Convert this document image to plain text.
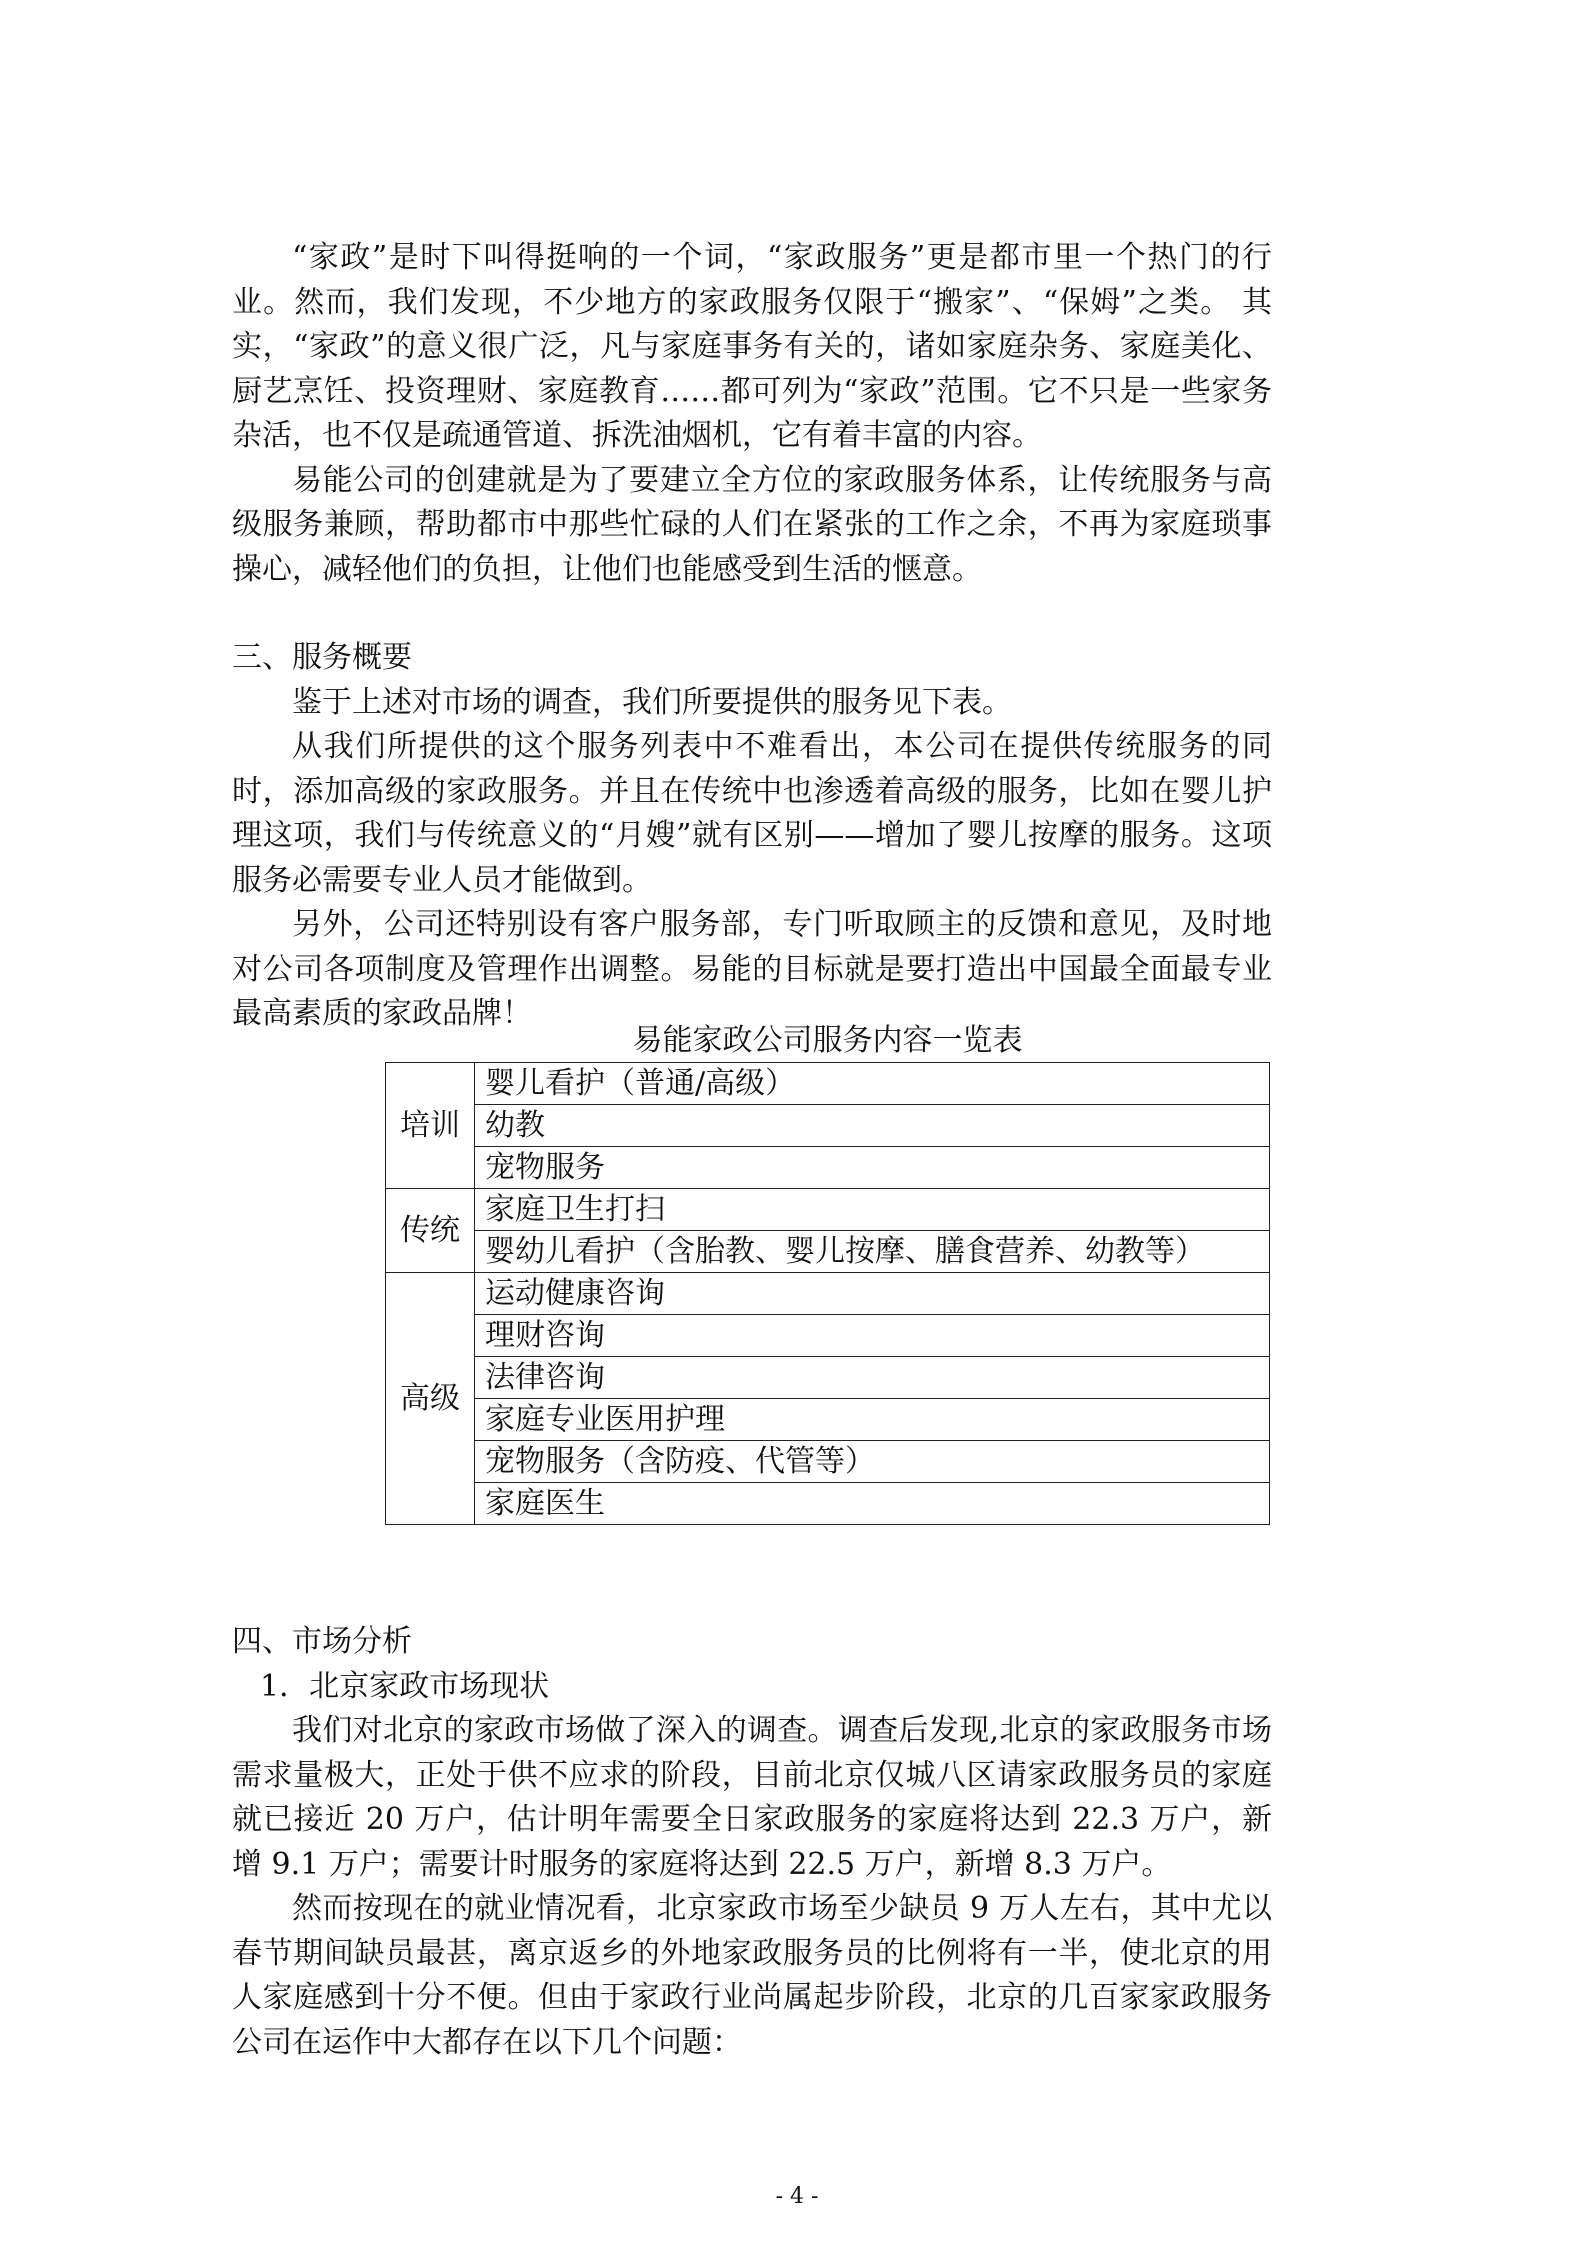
“家政”是时下叫得挺响的一个词，“家政服务”更是都市里一个热门的行业。然而，我们发现，不少地方的家政服务仅限于“搬家”、“保姆”之类。 其实，“家政”的意义很广泛，凡与家庭事务有关的，诸如家庭杂务、家庭美化、厨艺烹饪、投资理财、家庭教育……都可列为“家政”范围。它不只是一些家务杂活，也不仅是疏通管道、拆洗油烟机，它有着丰富的内容。

易能公司的创建就是为了要建立全方位的家政服务体系，让传统服务与高级服务兼顾，帮助都市中那些忙碌的人们在紧张的工作之余，不再为家庭琐事操心，减轻他们的负担，让他们也能感受到生活的惬意。

三、服务概要

鉴于上述对市场的调查，我们所要提供的服务见下表。

从我们所提供的这个服务列表中不难看出，本公司在提供传统服务的同时，添加高级的家政服务。并且在传统中也渗透着高级的服务，比如在婴儿护理这项，我们与传统意义的“月嫂”就有区别——增加了婴儿按摩的服务。这项服务必需要专业人员才能做到。

另外，公司还特别设有客户服务部，专门听取顾主的反馈和意见，及时地对公司各项制度及管理作出调整。易能的目标就是要打造出中国最全面最专业最高素质的家政品牌！

易能家政公司服务内容一览表
培训	婴儿看护（普通/高级）
	幼教
	宠物服务
传统	家庭卫生打扫
	婴幼儿看护（含胎教、婴儿按摩、膳食营养、幼教等）
高级	运动健康咨询
	理财咨询
	法律咨询
	家庭专业医用护理
	宠物服务（含防疫、代管等）
	家庭医生

四、市场分析

1．北京家政市场现状

我们对北京的家政市场做了深入的调查。调查后发现,北京的家政服务市场需求量极大，正处于供不应求的阶段，目前北京仅城八区请家政服务员的家庭就已接近 20 万户，估计明年需要全日家政服务的家庭将达到 22.3 万户，新增 9.1 万户；需要计时服务的家庭将达到 22.5 万户，新增 8.3 万户。

然而按现在的就业情况看，北京家政市场至少缺员 9 万人左右，其中尤以春节期间缺员最甚，离京返乡的外地家政服务员的比例将有一半，使北京的用人家庭感到十分不便。但由于家政行业尚属起步阶段，北京的几百家家政服务公司在运作中大都存在以下几个问题：

- 4 -
